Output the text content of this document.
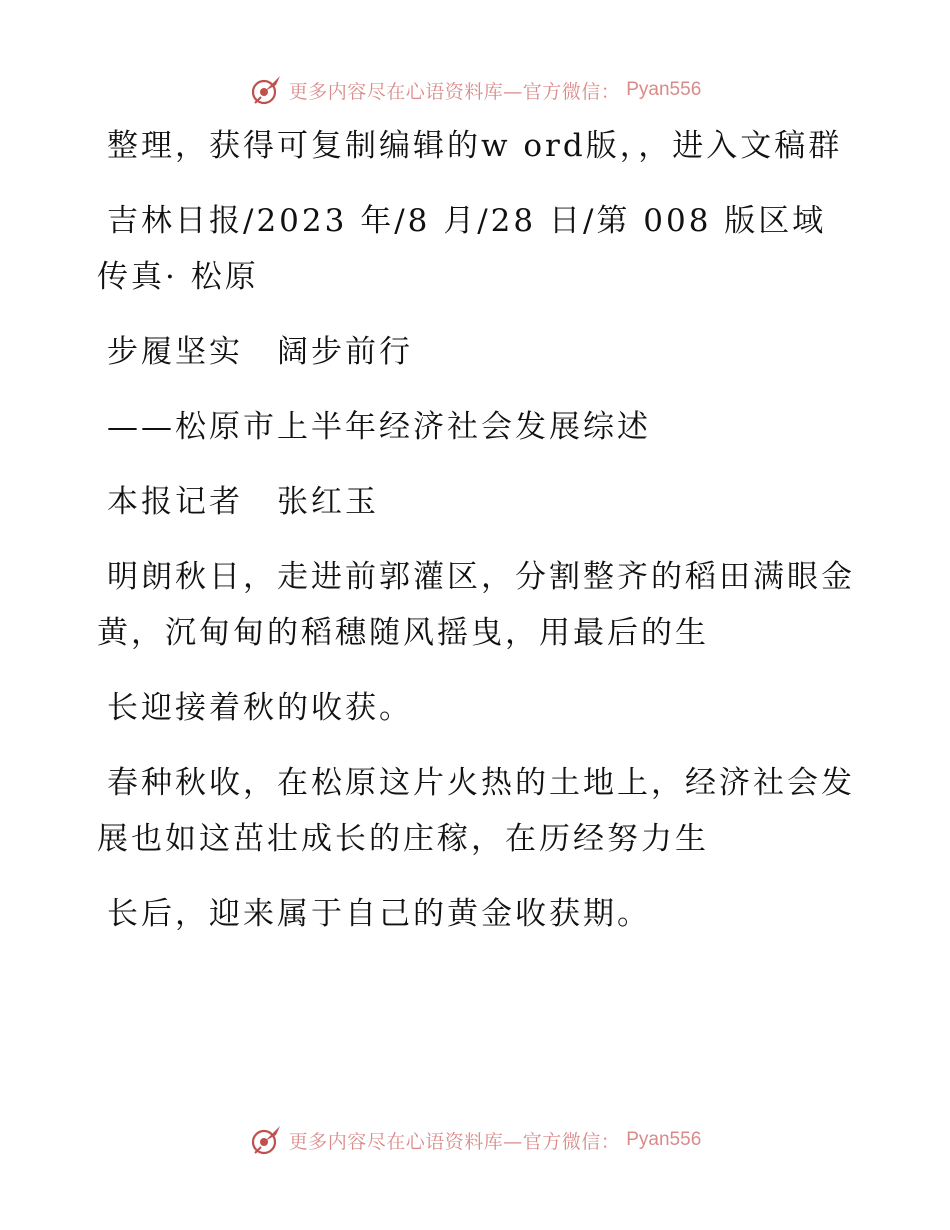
更多内容尽在心语资料库—官方微信： Pyan556

整理，获得可复制编辑的w ord版，，进入文稿群

吉林日报/2023 年/8 月/28 日/第 008 版区域传真· 松原

步履坚实　阔步前行

——松原市上半年经济社会发展综述

本报记者　张红玉

明朗秋日，走进前郭灌区，分割整齐的稻田满眼金黄，沉甸甸的稻穗随风摇曳，用最后的生

长迎接着秋的收获。

春种秋收，在松原这片火热的土地上，经济社会发展也如这茁壮成长的庄稼，在历经努力生

长后，迎来属于自己的黄金收获期。

更多内容尽在心语资料库—官方微信： Pyan556
